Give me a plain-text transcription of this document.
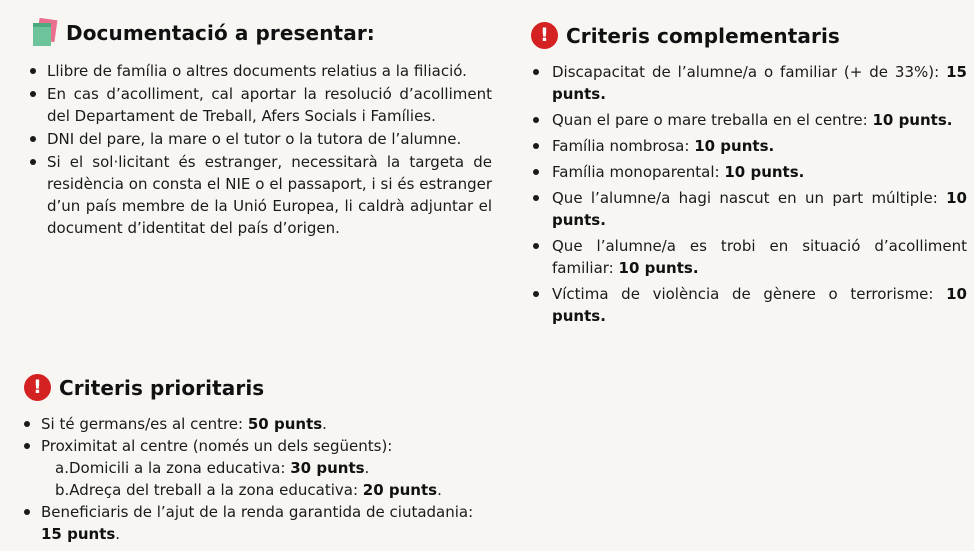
Documentació a presentar:
Llibre de família o altres documents relatius a la filiació.
En cas d’acolliment, cal aportar la resolució d’acolliment del Departament de Treball, Afers Socials i Famílies.
DNI del pare, la mare o el tutor o la tutora de l’alumne.
Si el sol·licitant és estranger, necessitarà la targeta de residència on consta el NIE o el passaport, i si és estranger d’un país membre de la Unió Europea, li caldrà adjuntar el document d’identitat del país d’origen.
! Criteris complementaris
Discapacitat de l’alumne/a o familiar (+ de 33%): 15 punts.
Quan el pare o mare treballa en el centre: 10 punts.
Família nombrosa: 10 punts.
Família monoparental: 10 punts.
Que l’alumne/a hagi nascut en un part múltiple: 10 punts.
Que l’alumne/a es trobi en situació d’acolliment familiar: 10 punts.
Víctima de violència de gènere o terrorisme: 10 punts.
! Criteris prioritaris
Si té germans/es al centre: 50 punts.
Proximitat al centre (només un dels següents):
a.Domicili a la zona educativa: 30 punts.
b.Adreça del treball a la zona educativa: 20 punts.
Beneficiaris de l’ajut de la renda garantida de ciutadania: 15 punts.
